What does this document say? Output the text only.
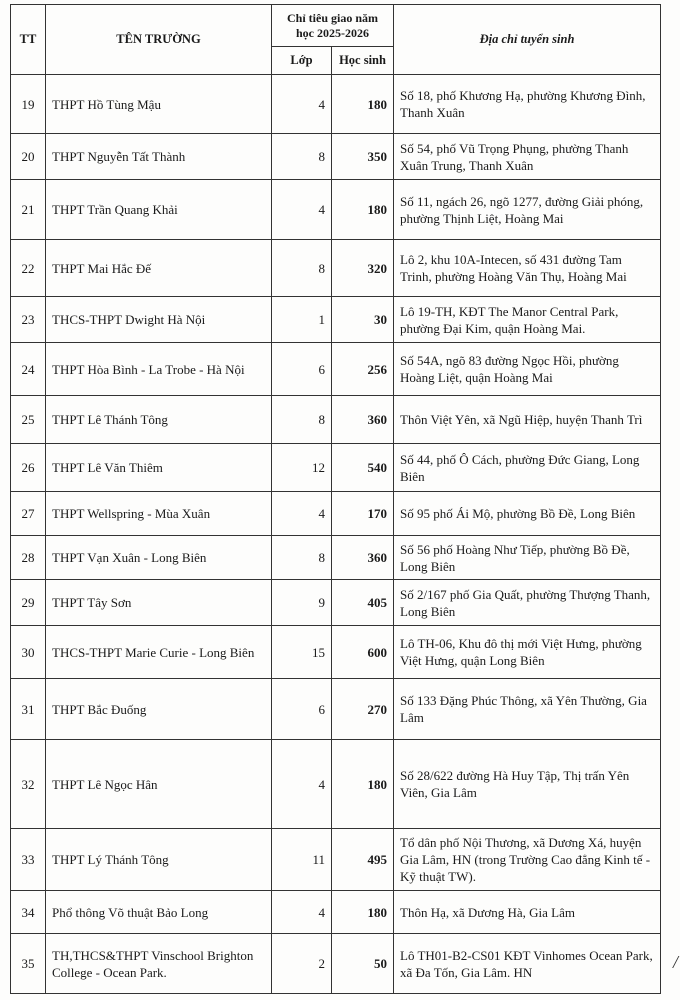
TT	TÊN TRƯỜNG	Chỉ tiêu giao năm học 2025-2026		Địa chỉ tuyển sinh
		Lớp	Học sinh	
19	THPT Hồ Tùng Mậu	4	180	Số 18, phố Khương Hạ, phường Khương Đình, Thanh Xuân
20	THPT Nguyễn Tất Thành	8	350	Số 54, phố Vũ Trọng Phụng, phường Thanh Xuân Trung, Thanh Xuân
21	THPT Trần Quang Khải	4	180	Số 11, ngách 26, ngõ 1277, đường Giải phóng, phường Thịnh Liệt, Hoàng Mai
22	THPT Mai Hắc Đế	8	320	Lô 2, khu 10A-Intecen, số 431 đường Tam Trinh, phường Hoàng Văn Thụ, Hoàng Mai
23	THCS-THPT Dwight Hà Nội	1	30	Lô 19-TH, KĐT The Manor Central Park, phường Đại Kim, quận Hoàng Mai.
24	THPT Hòa Bình - La Trobe - Hà Nội	6	256	Số 54A, ngõ 83 đường Ngọc Hồi, phường Hoàng Liệt, quận Hoàng Mai
25	THPT Lê Thánh Tông	8	360	Thôn Việt Yên, xã Ngũ Hiệp, huyện Thanh Trì
26	THPT Lê Văn Thiêm	12	540	Số 44, phố Ô Cách, phường Đức Giang, Long Biên
27	THPT Wellspring - Mùa Xuân	4	170	Số 95 phố Ái Mộ, phường Bồ Đề, Long Biên
28	THPT Vạn Xuân - Long Biên	8	360	Số 56 phố Hoàng Như Tiếp, phường Bồ Đề, Long Biên
29	THPT Tây Sơn	9	405	Số 2/167 phố Gia Quất, phường Thượng Thanh, Long Biên
30	THCS-THPT Marie Curie - Long Biên	15	600	Lô TH-06, Khu đô thị mới Việt Hưng, phường Việt Hưng, quận Long Biên
31	THPT Bắc Đuống	6	270	Số 133 Đặng Phúc Thông, xã Yên Thường, Gia Lâm
32	THPT Lê Ngọc Hân	4	180	Số 28/622 đường Hà Huy Tập, Thị trấn Yên Viên, Gia Lâm
33	THPT Lý Thánh Tông	11	495	Tổ dân phố Nội Thương, xã Dương Xá, huyện Gia Lâm, HN (trong Trường Cao đẳng Kinh tế - Kỹ thuật TW).
34	Phổ thông Võ thuật Bảo Long	4	180	Thôn Hạ, xã Dương Hà, Gia Lâm
35	TH,THCS&THPT Vinschool Brighton College - Ocean Park.	2	50	Lô TH01-B2-CS01 KĐT Vinhomes Ocean Park, xã Đa Tốn, Gia Lâm. HN	/
